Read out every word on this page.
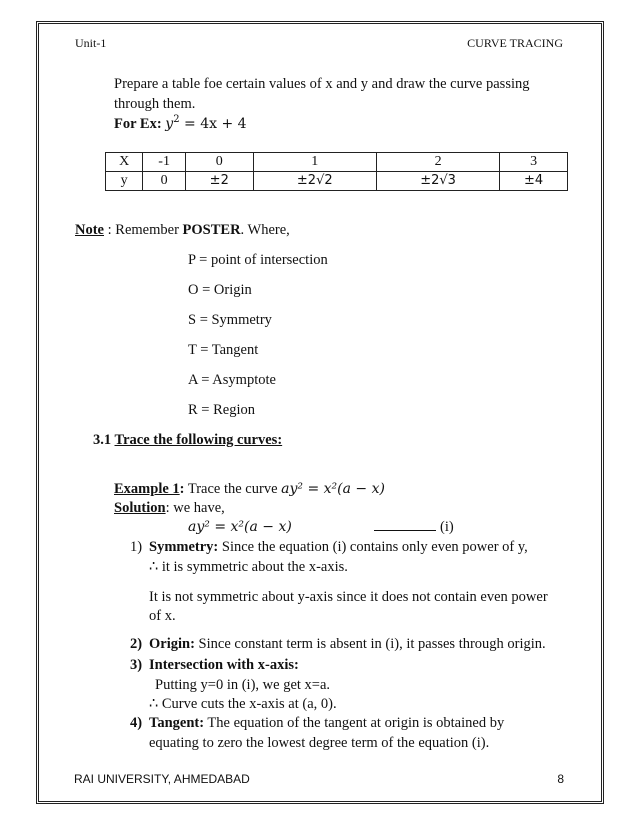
Unit-1	CURVE TRACING
Prepare a table foe certain values of x and y and draw the curve passing
through them.
For Ex: $y^2 = 4x + 4$
X	-1	0	1	2	3
y	0	±2	±2√2	±2√3	±4
Note : Remember POSTER. Where,
P = point of intersection
O = Origin
S = Symmetry
T = Tangent
A = Asymptote
R = Region
3.1 Trace the following curves:
Example 1: Trace the curve ay² = x²(a − x)
Solution: we have,
ay² = x²(a − x)	(i)
1) Symmetry: Since the equation (i) contains only even power of y,
∴ it is symmetric about the x-axis.
It is not symmetric about y-axis since it does not contain even power
of x.
2) Origin: Since constant term is absent in (i), it passes through origin.
3) Intersection with x-axis:
Putting y=0 in (i), we get x=a.
∴ Curve cuts the x-axis at (a, 0).
4) Tangent: The equation of the tangent at origin is obtained by
equating to zero the lowest degree term of the equation (i).
RAI UNIVERSITY, AHMEDABAD	8
